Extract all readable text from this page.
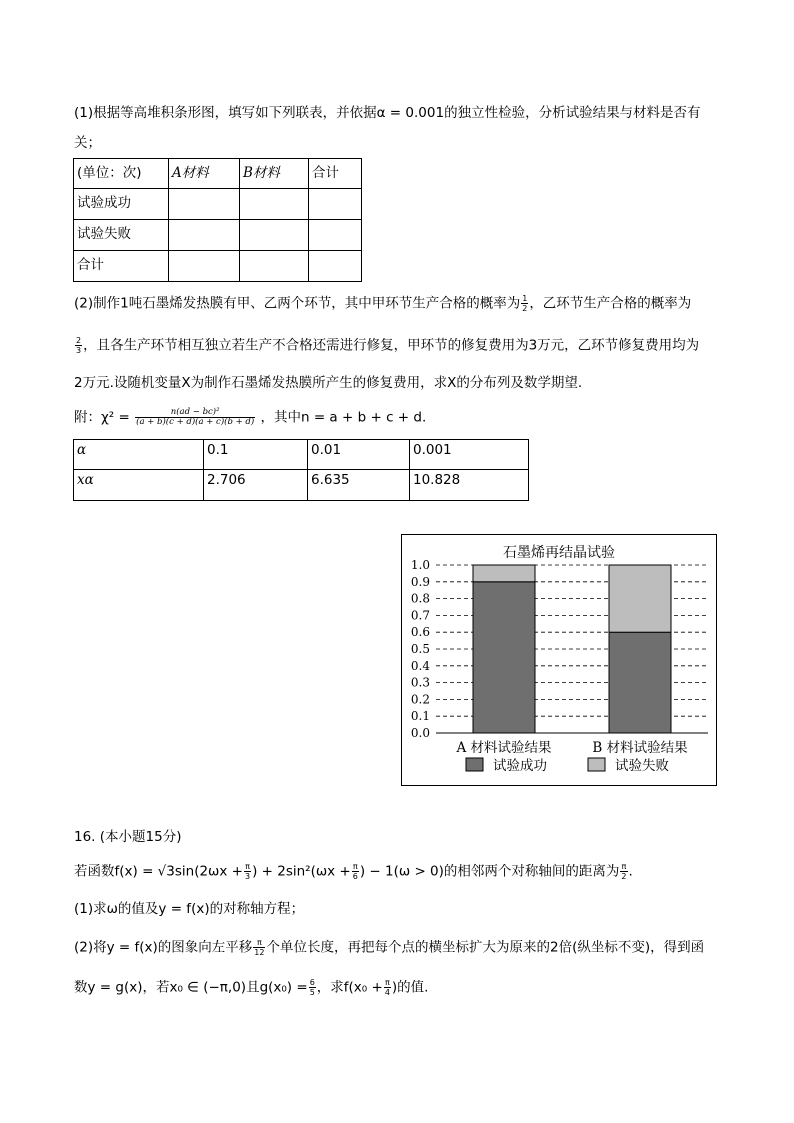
(1)根据等高堆积条形图，填写如下列联表，并依据α = 0.001的独立性检验，分析试验结果与材料是否有
关；
(单位：次)	A材料	B材料	合计
试验成功			
试验失败			
合计			
(2)制作1吨石墨烯发热膜有甲、乙两个环节，其中甲环节生产合格的概率为 $\frac{1}{2}$ ，乙环节生产合格的概率为
$\frac{2}{3}$ ，且各生产环节相互独立若生产不合格还需进行修复，甲环节的修复费用为3万元，乙环节修复费用均为
2万元.设随机变量X为制作石墨烯发热膜所产生的修复费用，求X的分布列及数学期望.
附：$\chi^2 = \frac{\text{n(ad − bc)²}}{(a + b)(c + d)(a + c)(b + d)}$ ，其中n = a + b + c + d.
α	0.1	0.01	0.001
xα	2.706	6.635	10.828
石墨烯再结晶试验
0.0
0.1
0.2
0.3
0.4
0.5
0.6
0.7
0.8
0.9
1.0
A 材料试验结果	B 材料试验结果
试验成功	试验失败
16. (本小题15分)
若函数$f(x) = √3\sin(2\omega x + \frac{\pi}{3}$ ) + $2\sin^2(\omega x + \frac{\pi}{6}$ ) − 1(ω > 0)的相邻两个对称轴间的距离为 $\frac{\pi}{2}$ .
(1)求ω的值及y = f(x)的对称轴方程；
(2)将y = f(x)的图象向左平移 $\frac{\pi}{12}$ 个单位长度，再把每个点的横坐标扩大为原来的2倍(纵坐标不变)，得到函
数y = g(x)，若x₀ ∈ (−π,0)且$g(x_0) = \frac{6}{5}$ ，求$f(x_0 + \frac{\pi}{4}$ )的值.
